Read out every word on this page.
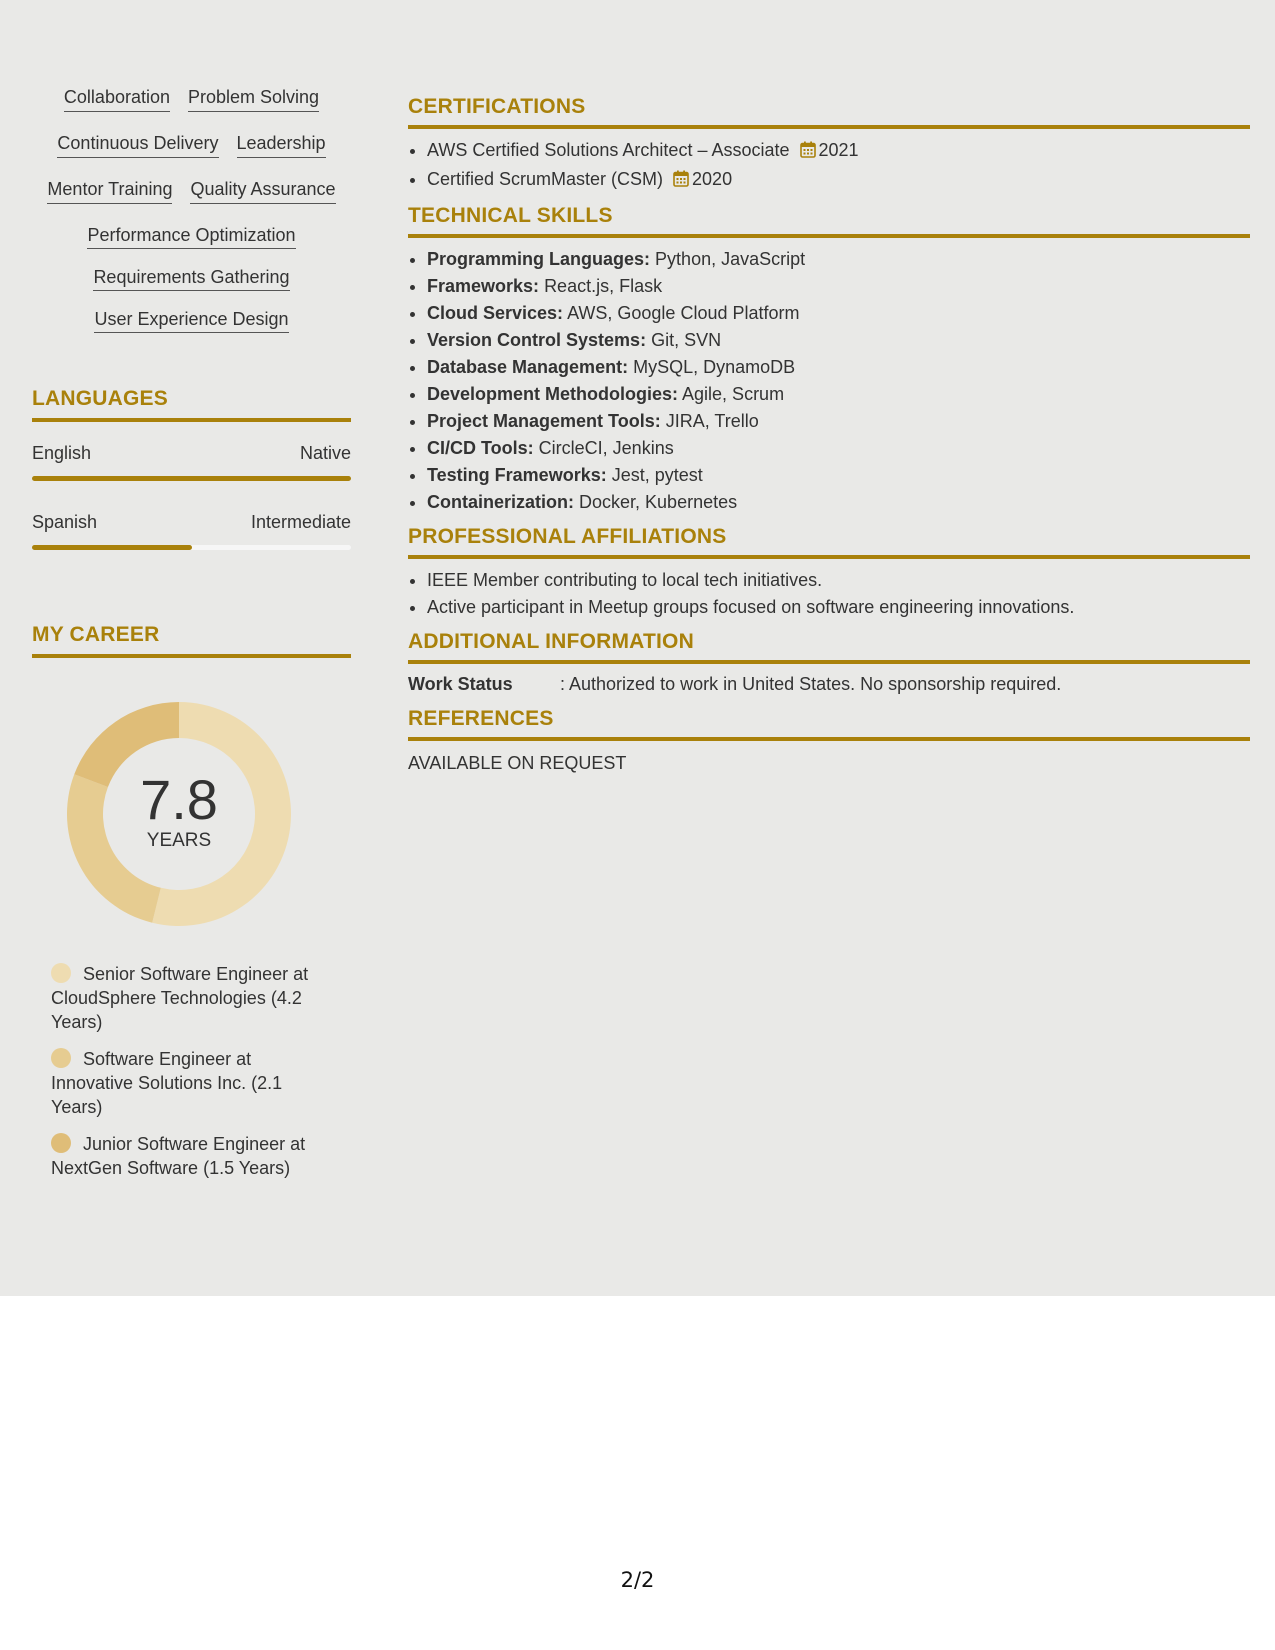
Collaboration Problem Solving
Continuous Delivery Leadership
Mentor Training Quality Assurance
Performance Optimization
Requirements Gathering
User Experience Design
LANGUAGES
English	Native
Spanish	Intermediate
MY CAREER
7.8
YEARS
Senior Software Engineer at CloudSphere Technologies (4.2 Years)
Software Engineer at Innovative Solutions Inc. (2.1 Years)
Junior Software Engineer at NextGen Software (1.5 Years)
CERTIFICATIONS
• AWS Certified Solutions Architect – Associate 2021
• Certified ScrumMaster (CSM) 2020
TECHNICAL SKILLS
• Programming Languages: Python, JavaScript
• Frameworks: React.js, Flask
• Cloud Services: AWS, Google Cloud Platform
• Version Control Systems: Git, SVN
• Database Management: MySQL, DynamoDB
• Development Methodologies: Agile, Scrum
• Project Management Tools: JIRA, Trello
• CI/CD Tools: CircleCI, Jenkins
• Testing Frameworks: Jest, pytest
• Containerization: Docker, Kubernetes
PROFESSIONAL AFFILIATIONS
• IEEE Member contributing to local tech initiatives.
• Active participant in Meetup groups focused on software engineering innovations.
ADDITIONAL INFORMATION
Work Status	: Authorized to work in United States. No sponsorship required.
REFERENCES
AVAILABLE ON REQUEST
2/2
